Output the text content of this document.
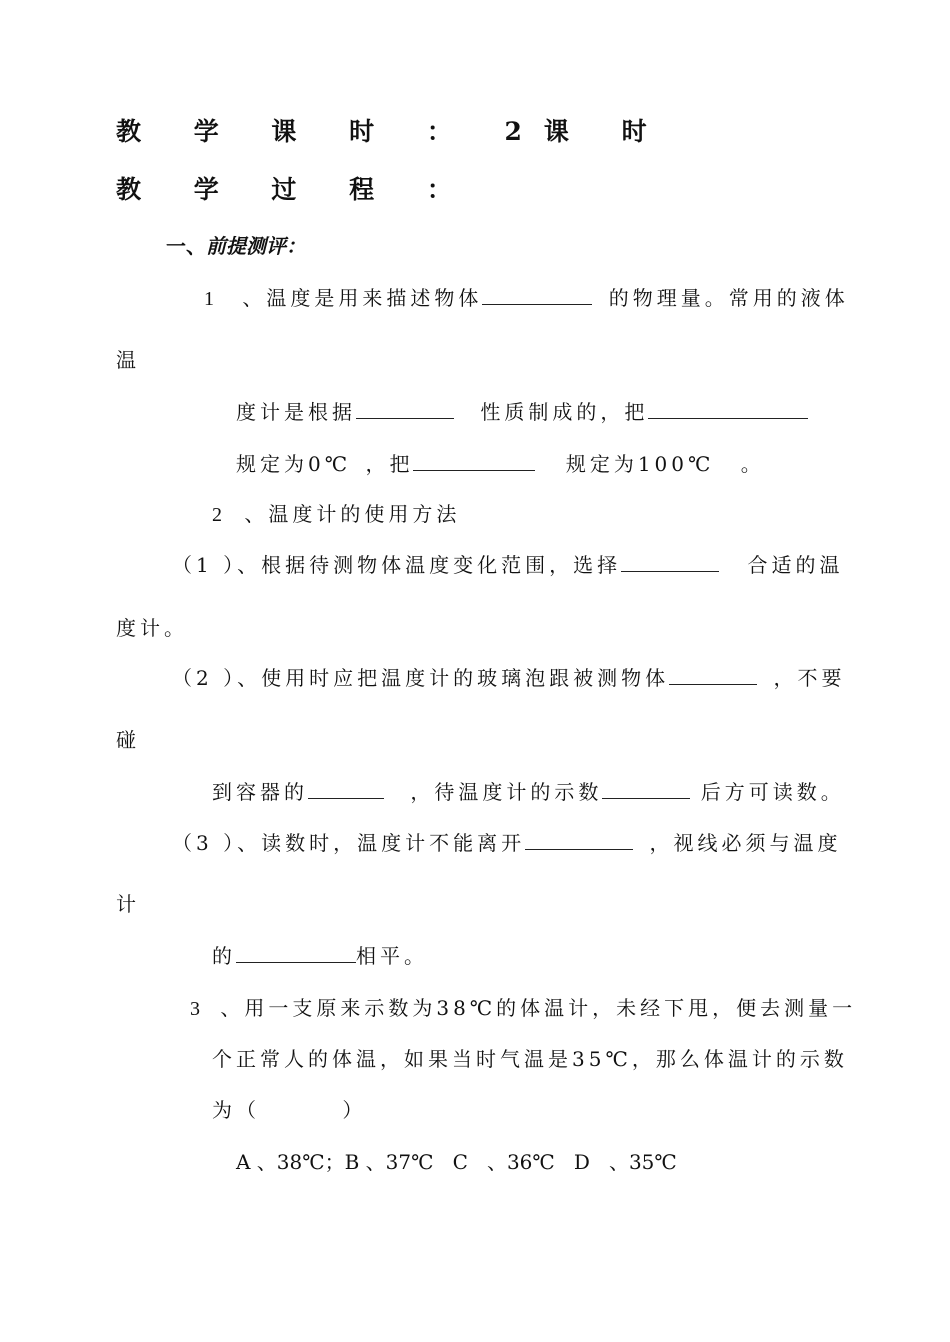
教 学 课 时 ： 2课 时
教 学 过 程 ：
一、前提测评：
1 、温度是用来描述物体	的物理量。常用的液体
温
度计是根据	性质制成的，把
规定为0℃ ，把	规定为100℃ 。
2 、温度计的使用方法
（1 ）、根据待测物体温度变化范围，选择	合适的温
度计。
（2 ）、使用时应把温度计的玻璃泡跟被测物体	，不要
碰
到容器的	，待温度计的示数	后方可读数。
（3 ）、读数时，温度计不能离开	，视线必须与温度
计
的	相平。
3 、用一支原来示数为38℃的体温计，未经下甩，便去测量一
个正常人的体温，如果当时气温是35℃，那么体温计的示数
为（	）
A 、38℃；B 、37℃   C   、36℃   D   、35℃
